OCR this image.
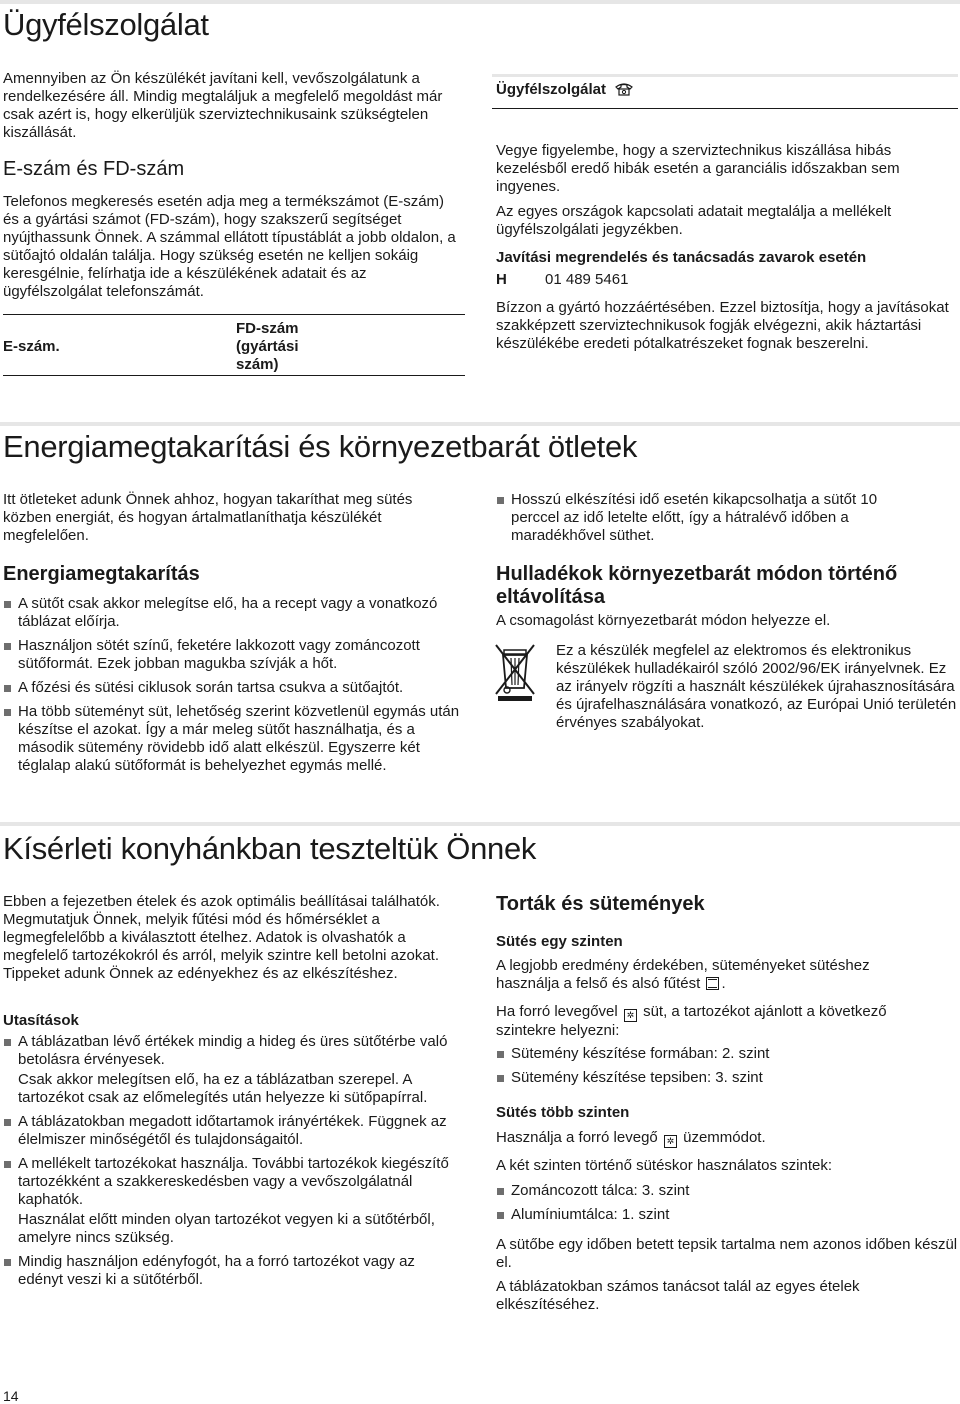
Ügyfélszolgálat

Amennyiben az Ön készülékét javítani kell, vevőszolgálatunk a rendelkezésére áll. Mindig megtaláljuk a megfelelő megoldást már csak azért is, hogy elkerüljük szerviztechnikusaink szükségtelen kiszállását.

E-szám és FD-szám

Telefonos megkeresés esetén adja meg a termékszámot (E-szám) és a gyártási számot (FD-szám), hogy szakszerű segítséget nyújthassunk Önnek. A számmal ellátott típustáblát a jobb oldalon, a sütőajtó oldalán találja. Hogy szükség esetén ne kelljen sokáig keresgélnie, felírhatja ide a készülékének adatait és az ügyfélszolgálat telefonszámát.

E-szám.
FD-szám (gyártási szám)
Ügyfélszolgálat

Vegye figyelembe, hogy a szerviztechnikus kiszállása hibás kezelésből eredő hibák esetén a garanciális időszakban sem ingyenes.

Az egyes országok kapcsolati adatait megtalálja a mellékelt ügyfélszolgálati jegyzékben.

Javítási megrendelés és tanácsadás zavarok esetén
H	01 489 5461

Bízzon a gyártó hozzáértésében. Ezzel biztosítja, hogy a javításokat szakképzett szerviztechnikusok fogják elvégezni, akik háztartási készülékébe eredeti pótalkatrészeket fognak beszerelni.

Energiamegtakarítási és környezetbarát ötletek

Itt ötleteket adunk Önnek ahhoz, hogyan takaríthat meg sütés közben energiát, és hogyan ártalmatlaníthatja készülékét megfelelően.

Energiamegtakarítás
A sütőt csak akkor melegítse elő, ha a recept vagy a vonatkozó táblázat előírja.
Használjon sötét színű, feketére lakkozott vagy zománcozott sütőformát. Ezek jobban magukba szívják a hőt.
A főzési és sütési ciklusok során tartsa csukva a sütőajtót.
Ha több süteményt süt, lehetőség szerint közvetlenül egymás után készítse el azokat. Így a már meleg sütőt használhatja, és a második sütemény rövidebb idő alatt elkészül. Egyszerre két téglalap alakú sütőformát is behelyezhet egymás mellé.
Hosszú elkészítési idő esetén kikapcsolhatja a sütőt 10 perccel az idő letelte előtt, így a hátralévő időben a maradékhővel süthet.
Hulladékok környezetbarát módon történő eltávolítása

A csomagolást környezetbarát módon helyezze el.

Ez a készülék megfelel az elektromos és elektronikus készülékek hulladékairól szóló 2002/96/EK irányelvnek. Ez az irányelv rögzíti a használt készülékek újrahasznosítására és újrafelhasználására vonatkozó, az Európai Unió területén érvényes szabályokat.

Kísérleti konyhánkban teszteltük Önnek

Ebben a fejezetben ételek és azok optimális beállításai találhatók. Megmutatjuk Önnek, melyik fűtési mód és hőmérséklet a legmegfelelőbb a kiválasztott ételhez. Adatok is olvashatók a megfelelő tartozékokról és arról, melyik szintre kell betolni azokat. Tippeket adunk Önnek az edényekhez és az elkészítéshez.

Utasítások
A táblázatban lévő értékek mindig a hideg és üres sütőtérbe való betolásra érvényesek.
Csak akkor melegítsen elő, ha ez a táblázatban szerepel. A tartozékot csak az előmelegítés után helyezze ki sütőpapírral.
A táblázatokban megadott időtartamok irányértékek. Függnek az élelmiszer minőségétől és tulajdonságaitól.
A mellékelt tartozékokat használja. További tartozékok kiegészítő tartozékként a szakkereskedésben vagy a vevőszolgálatnál kaphatók.
Használat előtt minden olyan tartozékot vegyen ki a sütőtérből, amelyre nincs szükség.
Mindig használjon edényfogót, ha a forró tartozékot vagy az edényt veszi ki a sütőtérből.
Torták és sütemények
Sütés egy szinten

A legjobb eredmény érdekében, süteményeket sütéshez használja a felső és alsó fűtést .

Ha forró levegővel ✲ süt, a tartozékot ajánlott a következő szintekre helyezni:

Sütemény készítése formában: 2. szint
Sütemény készítése tepsiben: 3. szint
Sütés több szinten

Használja a forró levegő ✲ üzemmódot.

A két szinten történő sütéskor használatos szintek:

Zománcozott tálca: 3. szint
Alumíniumtálca: 1. szint

A sütőbe egy időben betett tepsik tartalma nem azonos időben készül el.

A táblázatokban számos tanácsot talál az egyes ételek elkészítéséhez.

14
